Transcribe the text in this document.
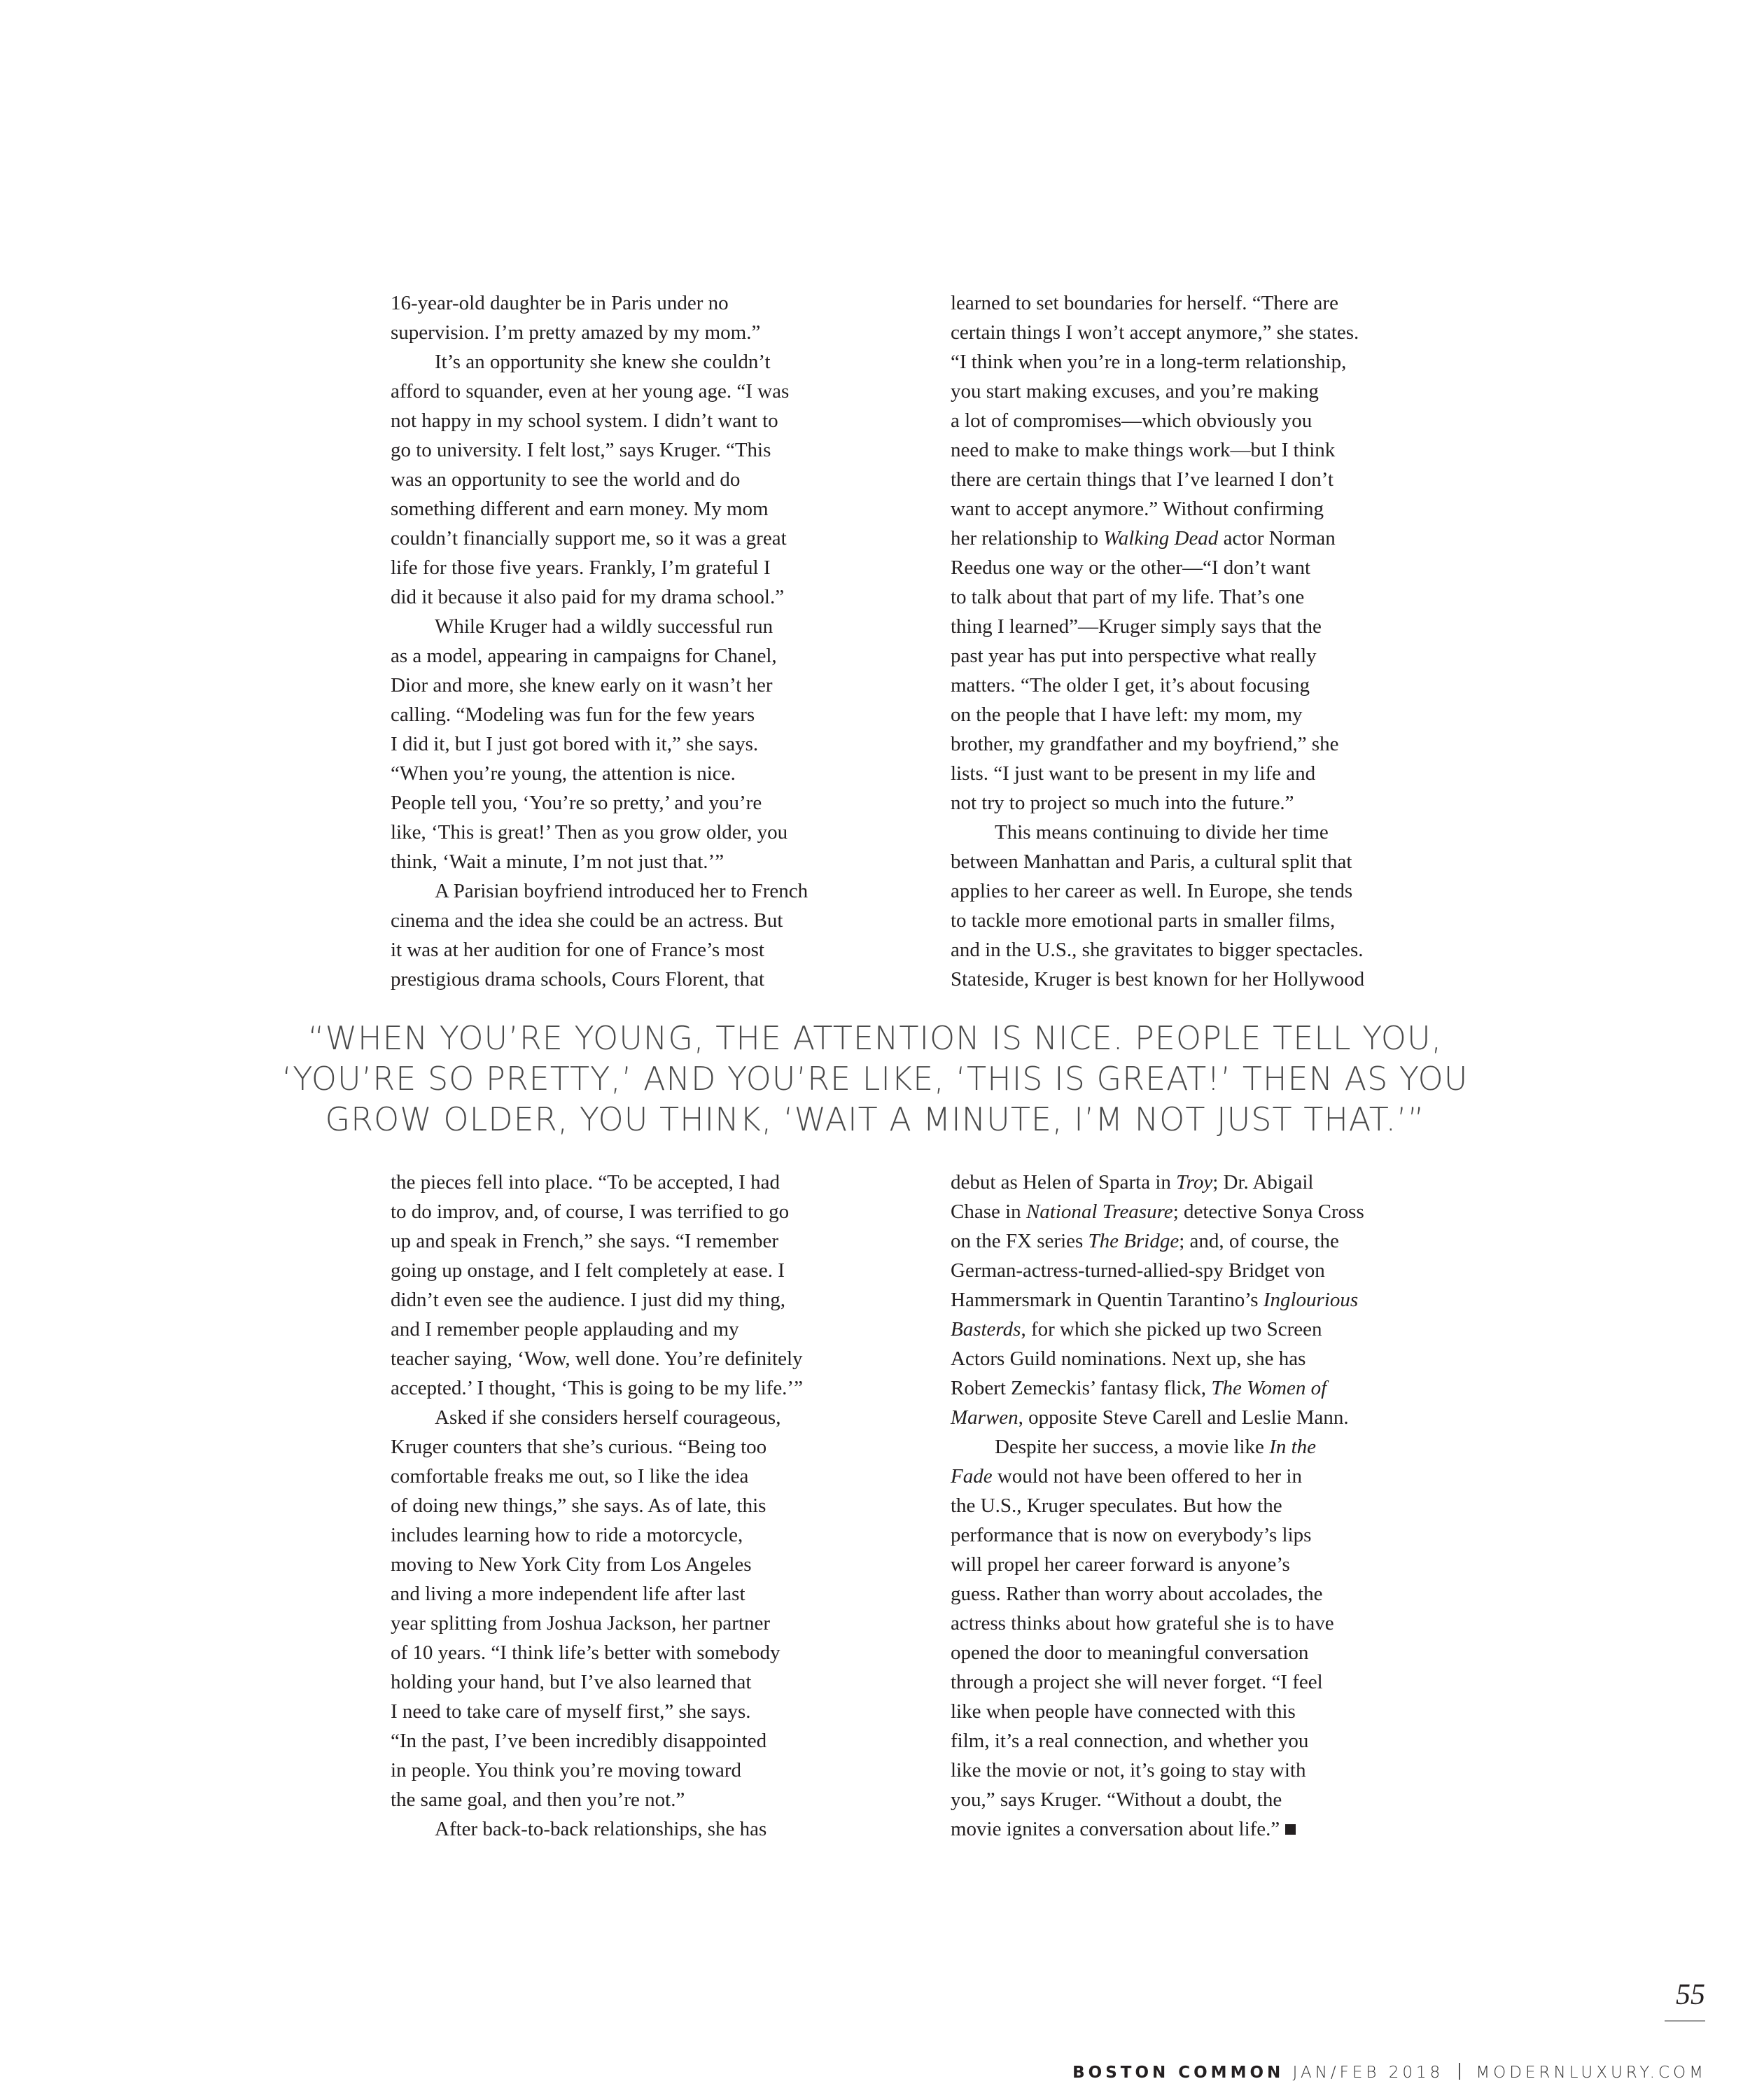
16-year-old daughter be in Paris under no

supervision. I’m pretty amazed by my mom.”

It’s an opportunity she knew she couldn’t

afford to squander, even at her young age. “I was

not happy in my school system. I didn’t want to

go to university. I felt lost,” says Kruger. “This

was an opportunity to see the world and do

something different and earn money. My mom

couldn’t financially support me, so it was a great

life for those five years. Frankly, I’m grateful I

did it because it also paid for my drama school.”

While Kruger had a wildly successful run

as a model, appearing in campaigns for Chanel,

Dior and more, she knew early on it wasn’t her

calling. “Modeling was fun for the few years

I did it, but I just got bored with it,” she says.

“When you’re young, the attention is nice.

People tell you, ‘You’re so pretty,’ and you’re

like, ‘This is great!’ Then as you grow older, you

think, ‘Wait a minute, I’m not just that.’”

A Parisian boyfriend introduced her to French

cinema and the idea she could be an actress. But

it was at her audition for one of France’s most

prestigious drama schools, Cours Florent, that

learned to set boundaries for herself. “There are

certain things I won’t accept anymore,” she states.

“I think when you’re in a long-term relationship,

you start making excuses, and you’re making

a lot of compromises—which obviously you

need to make to make things work—but I think

there are certain things that I’ve learned I don’t

want to accept anymore.” Without confirming

her relationship to Walking Dead actor Norman

Reedus one way or the other—“I don’t want

to talk about that part of my life. That’s one

thing I learned”—Kruger simply says that the

past year has put into perspective what really

matters. “The older I get, it’s about focusing

on the people that I have left: my mom, my

brother, my grandfather and my boyfriend,” she

lists. “I just want to be present in my life and

not try to project so much into the future.”

This means continuing to divide her time

between Manhattan and Paris, a cultural split that

applies to her career as well. In Europe, she tends

to tackle more emotional parts in smaller films,

and in the U.S., she gravitates to bigger spectacles.

Stateside, Kruger is best known for her Hollywood

“WHEN YOU’RE YOUNG, THE ATTENTION IS NICE. PEOPLE TELL YOU,
‘YOU’RE SO PRETTY,’ AND YOU’RE LIKE, ‘THIS IS GREAT!’ THEN AS YOU
GROW OLDER, YOU THINK, ‘WAIT A MINUTE, I’M NOT JUST THAT.’”

the pieces fell into place. “To be accepted, I had

to do improv, and, of course, I was terrified to go

up and speak in French,” she says. “I remember

going up onstage, and I felt completely at ease. I

didn’t even see the audience. I just did my thing,

and I remember people applauding and my

teacher saying, ‘Wow, well done. You’re definitely

accepted.’ I thought, ‘This is going to be my life.’”

Asked if she considers herself courageous,

Kruger counters that she’s curious. “Being too

comfortable freaks me out, so I like the idea

of doing new things,” she says. As of late, this

includes learning how to ride a motorcycle,

moving to New York City from Los Angeles

and living a more independent life after last

year splitting from Joshua Jackson, her partner

of 10 years. “I think life’s better with somebody

holding your hand, but I’ve also learned that

I need to take care of myself first,” she says.

“In the past, I’ve been incredibly disappointed

in people. You think you’re moving toward

the same goal, and then you’re not.”

After back-to-back relationships, she has

debut as Helen of Sparta in Troy; Dr. Abigail

Chase in National Treasure; detective Sonya Cross

on the FX series The Bridge; and, of course, the

German-actress-turned-allied-spy Bridget von

Hammersmark in Quentin Tarantino’s Inglourious

Basterds, for which she picked up two Screen

Actors Guild nominations. Next up, she has

Robert Zemeckis’ fantasy flick, The Women of

Marwen, opposite Steve Carell and Leslie Mann.

Despite her success, a movie like In the

Fade would not have been offered to her in

the U.S., Kruger speculates. But how the

performance that is now on everybody’s lips

will propel her career forward is anyone’s

guess. Rather than worry about accolades, the

actress thinks about how grateful she is to have

opened the door to meaningful conversation

through a project she will never forget. “I feel

like when people have connected with this

film, it’s a real connection, and whether you

like the movie or not, it’s going to stay with

you,” says Kruger. “Without a doubt, the

movie ignites a conversation about life.”

55
BOSTON COMMON JAN/FEB 2018 MODERNLUXURY.COM
